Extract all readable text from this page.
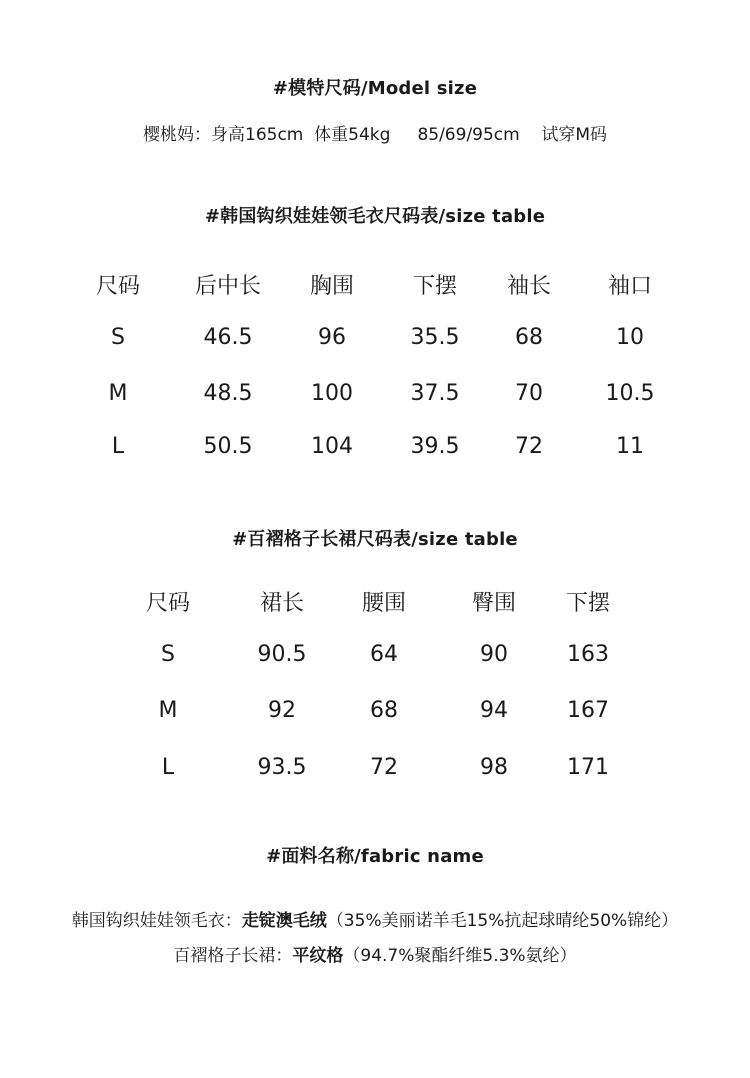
#模特尺码/Model size
樱桃妈：身高165cm  体重54kg     85/69/95cm    试穿M码
#韩国钩织娃娃领毛衣尺码表/size table
尺码	后中长	胸围	下摆	袖长	袖口
S	46.5	96	35.5	68	10
M	48.5	100	37.5	70	10.5
L	50.5	104	39.5	72	11
#百褶格子长裙尺码表/size table
尺码	裙长	腰围	臀围	下摆
S	90.5	64	90	163
M	92	68	94	167
L	93.5	72	98	171
#面料名称/fabric name
韩国钩织娃娃领毛衣：走锭澳毛绒（35%美丽诺羊毛15%抗起球晴纶50%锦纶）
百褶格子长裙：平纹格（94.7%聚酯纤维5.3%氨纶）
